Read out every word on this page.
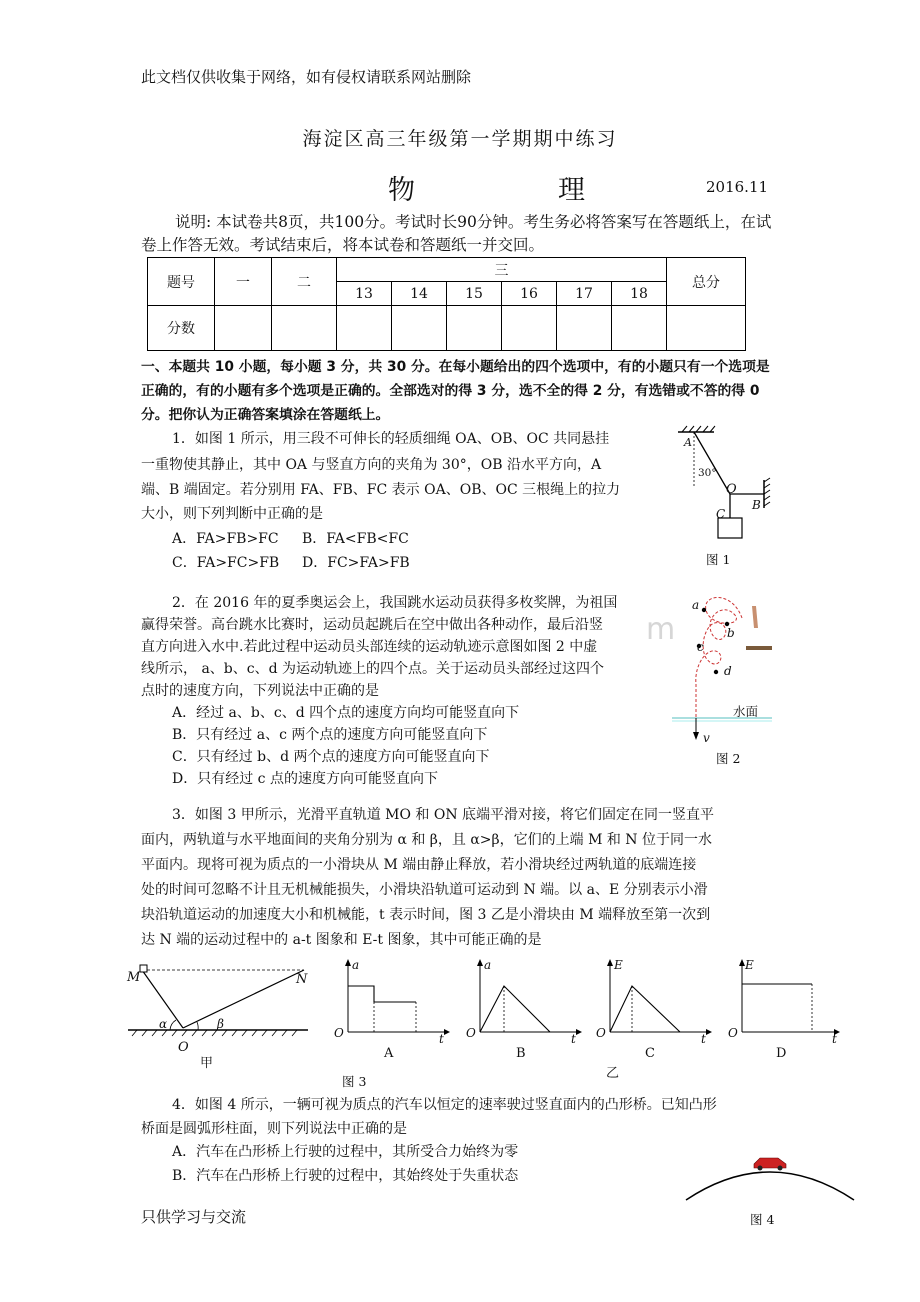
此文档仅供收集于网络，如有侵权请联系网站删除
海淀区高三年级第一学期期中练习
物　理	2016.11
说明: 本试卷共8页，共100分。考试时长90分钟。考生务必将答案写在答题纸上，在试卷上作答无效。考试结束后，将本试卷和答题纸一并交回。
题号	一	二	三						总分
			13	14	15	16	17	18	
分数									
一、本题共 10 小题，每小题 3 分，共 30 分。在每小题给出的四个选项中，有的小题只有一个选项是正确的，有的小题有多个选项是正确的。全部选对的得 3 分，选不全的得 2 分，有选错或不答的得 0 分。把你认为正确答案填涂在答题纸上。
1．如图 1 所示，用三段不可伸长的轻质细绳 OA、OB、OC 共同悬挂
一重物使其静止，其中 OA 与竖直方向的夹角为 30°，OB 沿水平方向，A
端、B 端固定。若分别用 FA、FB、FC 表示 OA、OB、OC 三根绳上的拉力
大小，则下列判断中正确的是
A．FA>FB>FC B．FA<FB<FC
C．FA>FC>FB D．FC>FA>FB
A
30°
O
B
C
图 1
2．在 2016 年的夏季奥运会上，我国跳水运动员获得多枚奖牌，为祖国
赢得荣誉。高台跳水比赛时，运动员起跳后在空中做出各种动作，最后沿竖
直方向进入水中.若此过程中运动员头部连续的运动轨迹示意图如图 2 中虚
线所示， a、b、c、d 为运动轨迹上的四个点。关于运动员头部经过这四个
点时的速度方向，下列说法中正确的是
A．经过 a、b、c、d 四个点的速度方向均可能竖直向下
B．只有经过 a、c 两个点的速度方向可能竖直向下
C．只有经过 b、d 两个点的速度方向可能竖直向下
D．只有经过 c 点的速度方向可能竖直向下
a
b
c
d
水面
v
图 2
3．如图 3 甲所示，光滑平直轨道 MO 和 ON 底端平滑对接，将它们固定在同一竖直平
面内，两轨道与水平地面间的夹角分别为 α 和 β，且 α>β，它们的上端 M 和 N 位于同一水
平面内。现将可视为质点的一小滑块从 M 端由静止释放，若小滑块经过两轨道的底端连接
处的时间可忽略不计且无机械能损失，小滑块沿轨道可运动到 N 端。以 a、E 分别表示小滑
块沿轨道运动的加速度大小和机械能，t 表示时间，图 3 乙是小滑块由 M 端释放至第一次到
达 N 端的运动过程中的 a-t 图象和 E-t 图象，其中可能正确的是
M	N
α	β
O
甲
a
O	t
A
a
O	t
B
E
O	t
C
E
O	t
D
图 3
乙
4．如图 4 所示，一辆可视为质点的汽车以恒定的速率驶过竖直面内的凸形桥。已知凸形
桥面是圆弧形柱面，则下列说法中正确的是
A．汽车在凸形桥上行驶的过程中，其所受合力始终为零
B．汽车在凸形桥上行驶的过程中，其始终处于失重状态
图 4
只供学习与交流
m
